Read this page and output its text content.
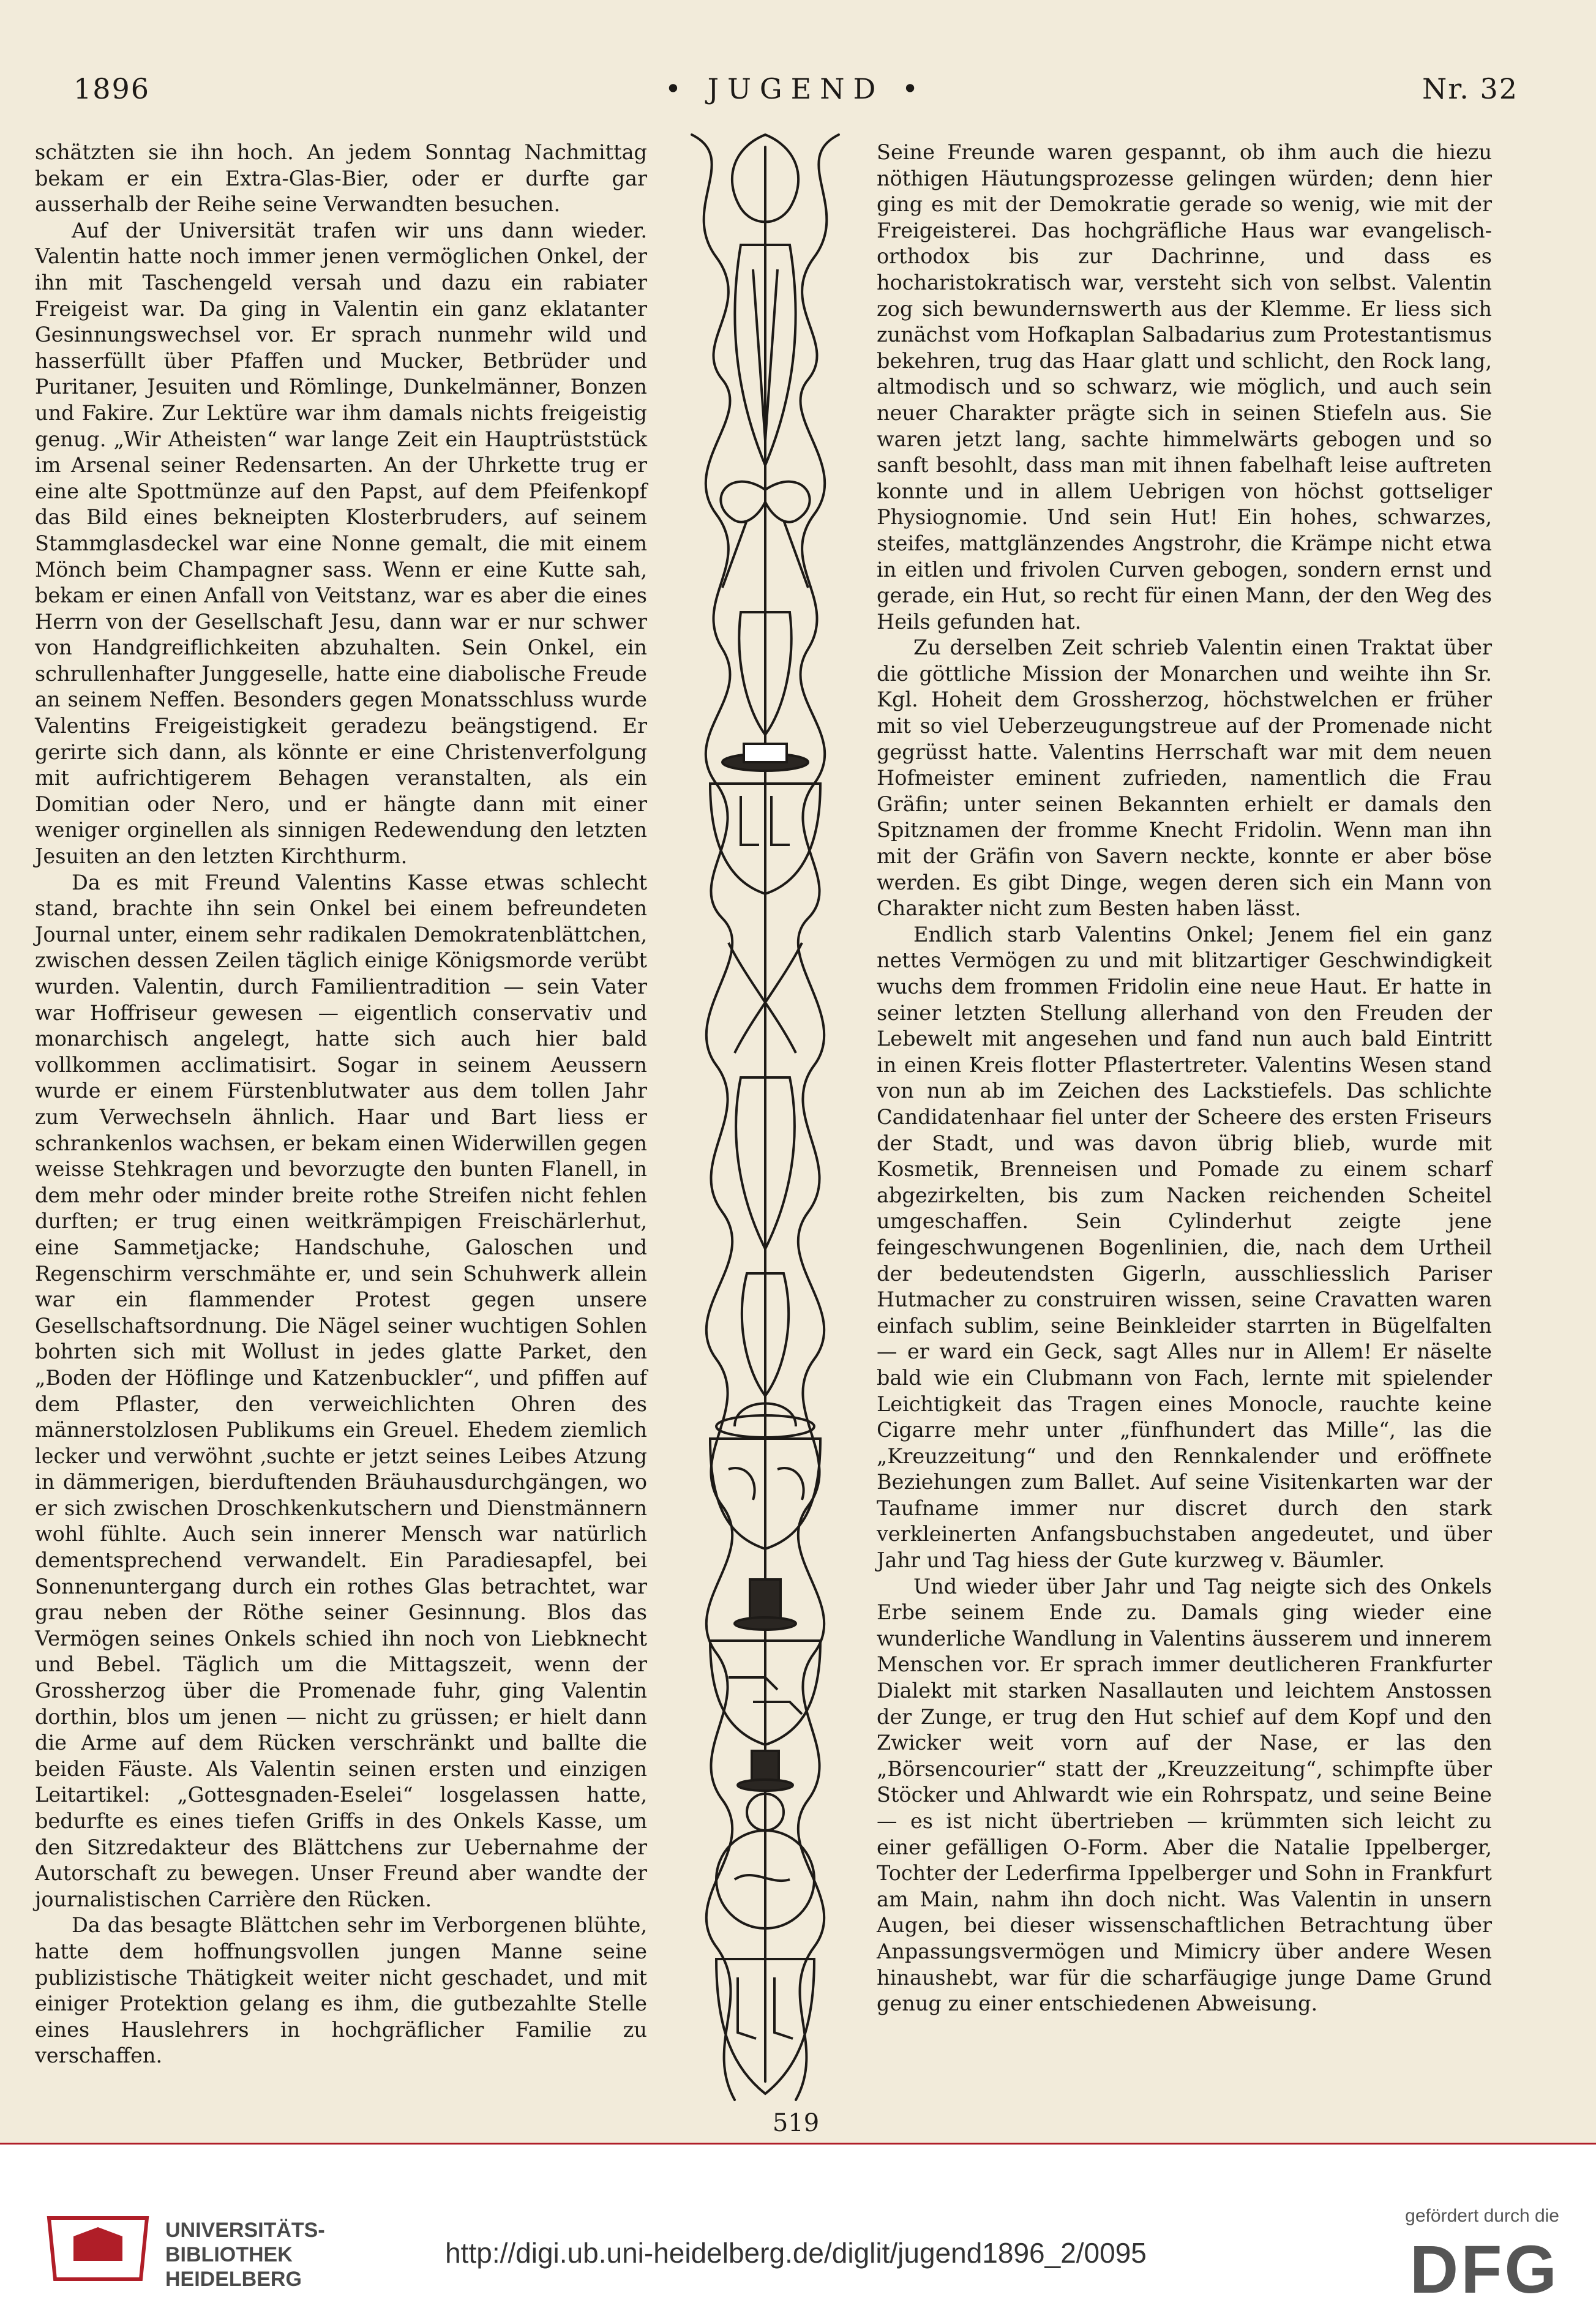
1896	• JUGEND •	Nr. 32

schätzten sie ihn hoch. An jedem Sonntag Nachmittag bekam er ein Extra-Glas-Bier, oder er durfte gar ausserhalb der Reihe seine Verwandten besuchen.

Auf der Universität trafen wir uns dann wieder. Valentin hatte noch immer jenen vermöglichen Onkel, der ihn mit Taschengeld versah und dazu ein rabiater Freigeist war. Da ging in Valentin ein ganz eklatanter Gesinnungswechsel vor. Er sprach nunmehr wild und hasserfüllt über Pfaffen und Mucker, Betbrüder und Puritaner, Jesuiten und Römlinge, Dunkelmänner, Bonzen und Fakire. Zur Lektüre war ihm damals nichts freigeistig genug. „Wir Atheisten“ war lange Zeit ein Hauptrüststück im Arsenal seiner Redensarten. An der Uhrkette trug er eine alte Spottmünze auf den Papst, auf dem Pfeifenkopf das Bild eines bekneipten Klosterbruders, auf seinem Stammglasdeckel war eine Nonne gemalt, die mit einem Mönch beim Champagner sass. Wenn er eine Kutte sah, bekam er einen Anfall von Veitstanz, war es aber die eines Herrn von der Gesellschaft Jesu, dann war er nur schwer von Handgreiflichkeiten abzuhalten. Sein Onkel, ein schrullenhafter Junggeselle, hatte eine diabolische Freude an seinem Neffen. Besonders gegen Monatsschluss wurde Valentins Freigeistigkeit geradezu beängstigend. Er gerirte sich dann, als könnte er eine Christenverfolgung mit aufrichtigerem Behagen veranstalten, als ein Domitian oder Nero, und er hängte dann mit einer weniger orginellen als sinnigen Redewendung den letzten Jesuiten an den letzten Kirchthurm.

Da es mit Freund Valentins Kasse etwas schlecht stand, brachte ihn sein Onkel bei einem befreundeten Journal unter, einem sehr radikalen Demokratenblättchen, zwischen dessen Zeilen täglich einige Königsmorde verübt wurden. Valentin, durch Familientradition — sein Vater war Hoffriseur gewesen — eigentlich conservativ und monarchisch angelegt, hatte sich auch hier bald vollkommen acclimatisirt. Sogar in seinem Aeussern wurde er einem Fürstenblutwater aus dem tollen Jahr zum Verwechseln ähnlich. Haar und Bart liess er schrankenlos wachsen, er bekam einen Widerwillen gegen weisse Stehkragen und bevorzugte den bunten Flanell, in dem mehr oder minder breite rothe Streifen nicht fehlen durften; er trug einen weitkrämpigen Freischärlerhut, eine Sammetjacke; Handschuhe, Galoschen und Regenschirm verschmähte er, und sein Schuhwerk allein war ein flammender Protest gegen unsere Gesellschaftsordnung. Die Nägel seiner wuchtigen Sohlen bohrten sich mit Wollust in jedes glatte Parket, den „Boden der Höflinge und Katzenbuckler“, und pfiffen auf dem Pflaster, den verweichlichten Ohren des männerstolzlosen Publikums ein Greuel. Ehedem ziemlich lecker und verwöhnt ‚suchte er jetzt seines Leibes Atzung in dämmerigen, bierduftenden Bräuhausdurchgängen, wo er sich zwischen Droschkenkutschern und Dienstmännern wohl fühlte. Auch sein innerer Mensch war natürlich dementsprechend verwandelt. Ein Paradiesapfel, bei Sonnenuntergang durch ein rothes Glas betrachtet, war grau neben der Röthe seiner Gesinnung. Blos das Vermögen seines Onkels schied ihn noch von Liebknecht und Bebel. Täglich um die Mittagszeit, wenn der Grossherzog über die Promenade fuhr, ging Valentin dorthin, blos um jenen — nicht zu grüssen; er hielt dann die Arme auf dem Rücken verschränkt und ballte die beiden Fäuste. Als Valentin seinen ersten und einzigen Leitartikel: „Gottesgnaden-Eselei“ losgelassen hatte, bedurfte es eines tiefen Griffs in des Onkels Kasse, um den Sitzredakteur des Blättchens zur Uebernahme der Autorschaft zu bewegen. Unser Freund aber wandte der journalistischen Carrière den Rücken.

Da das besagte Blättchen sehr im Verborgenen blühte, hatte dem hoffnungsvollen jungen Manne seine publizistische Thätigkeit weiter nicht geschadet, und mit einiger Protektion gelang es ihm, die gutbezahlte Stelle eines Hauslehrers in hochgräflicher Familie zu verschaffen.

Seine Freunde waren gespannt, ob ihm auch die hiezu nöthigen Häutungsprozesse gelingen würden; denn hier ging es mit der Demokratie gerade so wenig, wie mit der Freigeisterei. Das hochgräfliche Haus war evangelisch-orthodox bis zur Dachrinne, und dass es hocharistokratisch war, versteht sich von selbst. Valentin zog sich bewundernswerth aus der Klemme. Er liess sich zunächst vom Hofkaplan Salbadarius zum Protestantismus bekehren, trug das Haar glatt und schlicht, den Rock lang, altmodisch und so schwarz, wie möglich, und auch sein neuer Charakter prägte sich in seinen Stiefeln aus. Sie waren jetzt lang, sachte himmelwärts gebogen und so sanft besohlt, dass man mit ihnen fabelhaft leise auftreten konnte und in allem Uebrigen von höchst gottseliger Physiognomie. Und sein Hut! Ein hohes, schwarzes, steifes, mattglänzendes Angstrohr, die Krämpe nicht etwa in eitlen und frivolen Curven gebogen, sondern ernst und gerade, ein Hut, so recht für einen Mann, der den Weg des Heils gefunden hat.

Zu derselben Zeit schrieb Valentin einen Traktat über die göttliche Mission der Monarchen und weihte ihn Sr. Kgl. Hoheit dem Grossherzog, höchstwelchen er früher mit so viel Ueberzeugungstreue auf der Promenade nicht gegrüsst hatte. Valentins Herrschaft war mit dem neuen Hofmeister eminent zufrieden, namentlich die Frau Gräfin; unter seinen Bekannten erhielt er damals den Spitznamen der fromme Knecht Fridolin. Wenn man ihn mit der Gräfin von Savern neckte, konnte er aber böse werden. Es gibt Dinge, wegen deren sich ein Mann von Charakter nicht zum Besten haben lässt.

Endlich starb Valentins Onkel; Jenem fiel ein ganz nettes Vermögen zu und mit blitzartiger Geschwindigkeit wuchs dem frommen Fridolin eine neue Haut. Er hatte in seiner letzten Stellung allerhand von den Freuden der Lebewelt mit angesehen und fand nun auch bald Eintritt in einen Kreis flotter Pflastertreter. Valentins Wesen stand von nun ab im Zeichen des Lackstiefels. Das schlichte Candidatenhaar fiel unter der Scheere des ersten Friseurs der Stadt, und was davon übrig blieb, wurde mit Kosmetik, Brenneisen und Pomade zu einem scharf abgezirkelten, bis zum Nacken reichenden Scheitel umgeschaffen. Sein Cylinderhut zeigte jene feingeschwungenen Bogenlinien, die, nach dem Urtheil der bedeutendsten Gigerln, ausschliesslich Pariser Hutmacher zu construiren wissen, seine Cravatten waren einfach sublim, seine Beinkleider starrten in Bügelfalten — er ward ein Geck, sagt Alles nur in Allem! Er näselte bald wie ein Clubmann von Fach, lernte mit spielender Leichtigkeit das Tragen eines Monocle, rauchte keine Cigarre mehr unter „fünfhundert das Mille“, las die „Kreuzzeitung“ und den Rennkalender und eröffnete Beziehungen zum Ballet. Auf seine Visitenkarten war der Taufname immer nur discret durch den stark verkleinerten Anfangsbuchstaben angedeutet, und über Jahr und Tag hiess der Gute kurzweg v. Bäumler.

Und wieder über Jahr und Tag neigte sich des Onkels Erbe seinem Ende zu. Damals ging wieder eine wunderliche Wandlung in Valentins äusserem und innerem Menschen vor. Er sprach immer deutlicheren Frankfurter Dialekt mit starken Nasallauten und leichtem Anstossen der Zunge, er trug den Hut schief auf dem Kopf und den Zwicker weit vorn auf der Nase, er las den „Börsencourier“ statt der „Kreuzzeitung“, schimpfte über Stöcker und Ahlwardt wie ein Rohrspatz, und seine Beine — es ist nicht übertrieben — krümmten sich leicht zu einer gefälligen O-Form. Aber die Natalie Ippelberger, Tochter der Lederfirma Ippelberger und Sohn in Frankfurt am Main, nahm ihn doch nicht. Was Valentin in unsern Augen, bei dieser wissenschaftlichen Betrachtung über Anpassungsvermögen und Mimicry über andere Wesen hinaushebt, war für die scharfäugige junge Dame Grund genug zu einer entschiedenen Abweisung.

519
UNIVERSITÄTS-
BIBLIOTHEK
HEIDELBERG
http://digi.ub.uni-heidelberg.de/diglit/jugend1896_2/0095
gefördert durch die
DFG
